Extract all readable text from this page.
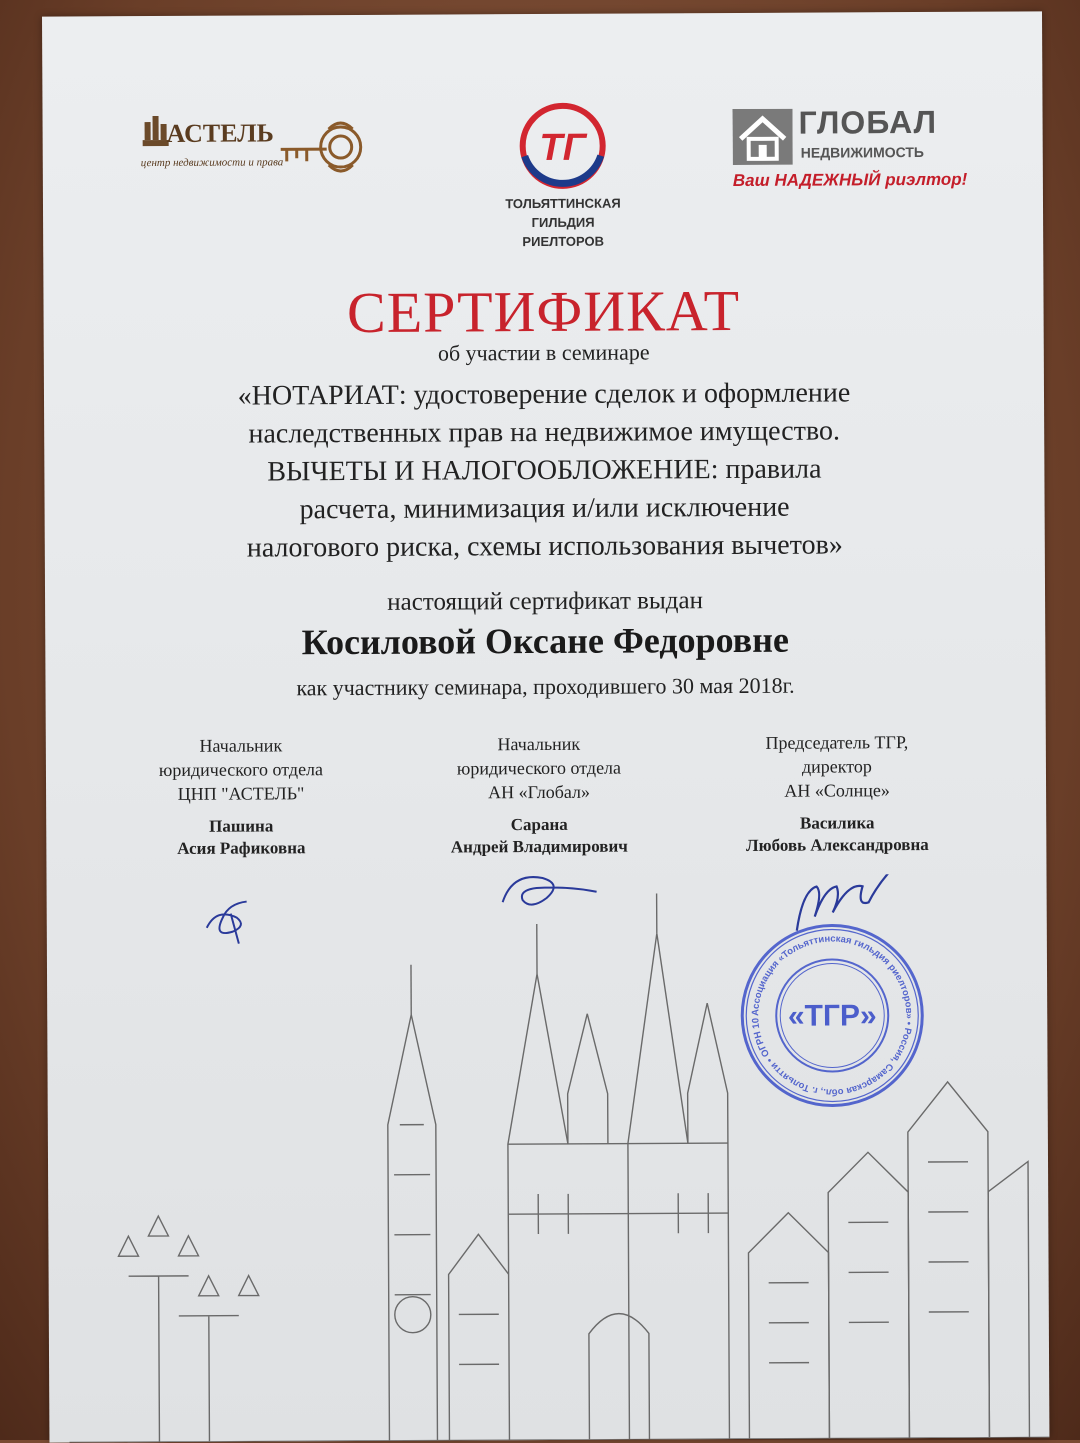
АСТЕЛЬ
центр недвижимости и права	ТГ
ТОЛЬЯТТИНСКАЯ
ГИЛЬДИЯ
РИЕЛТОРОВ
ГЛОБАЛ
НЕДВИЖИМОСТЬ
Ваш НАДЕЖНЫЙ риэлтор!
СЕРТИФИКАТ
об участии в семинаре
«НОТАРИАТ: удостоверение сделок и оформление
наследственных прав на недвижимое имущество.
ВЫЧЕТЫ И НАЛОГООБЛОЖЕНИЕ: правила
расчета, минимизация и/или исключение
налогового риска, схемы использования вычетов»
настоящий сертификат выдан
Косиловой Оксане Федоровне
как участнику семинара, проходившего 30 мая 2018г.
Начальник
юридического отдела
ЦНП "АСТЕЛЬ"
Пашина
Асия Рафиковна
Начальник
юридического отдела
АН «Глобал»
Сарана
Андрей Владимирович
Председатель ТГР,
директор
АН «Солнце»
Василика
Любовь Александровна
Ассоциация «Тольяттинская гильдия риелторов» • Россия, Самарская обл., г. Тольятти • ОГРН 1076300005692
«ТГР»
